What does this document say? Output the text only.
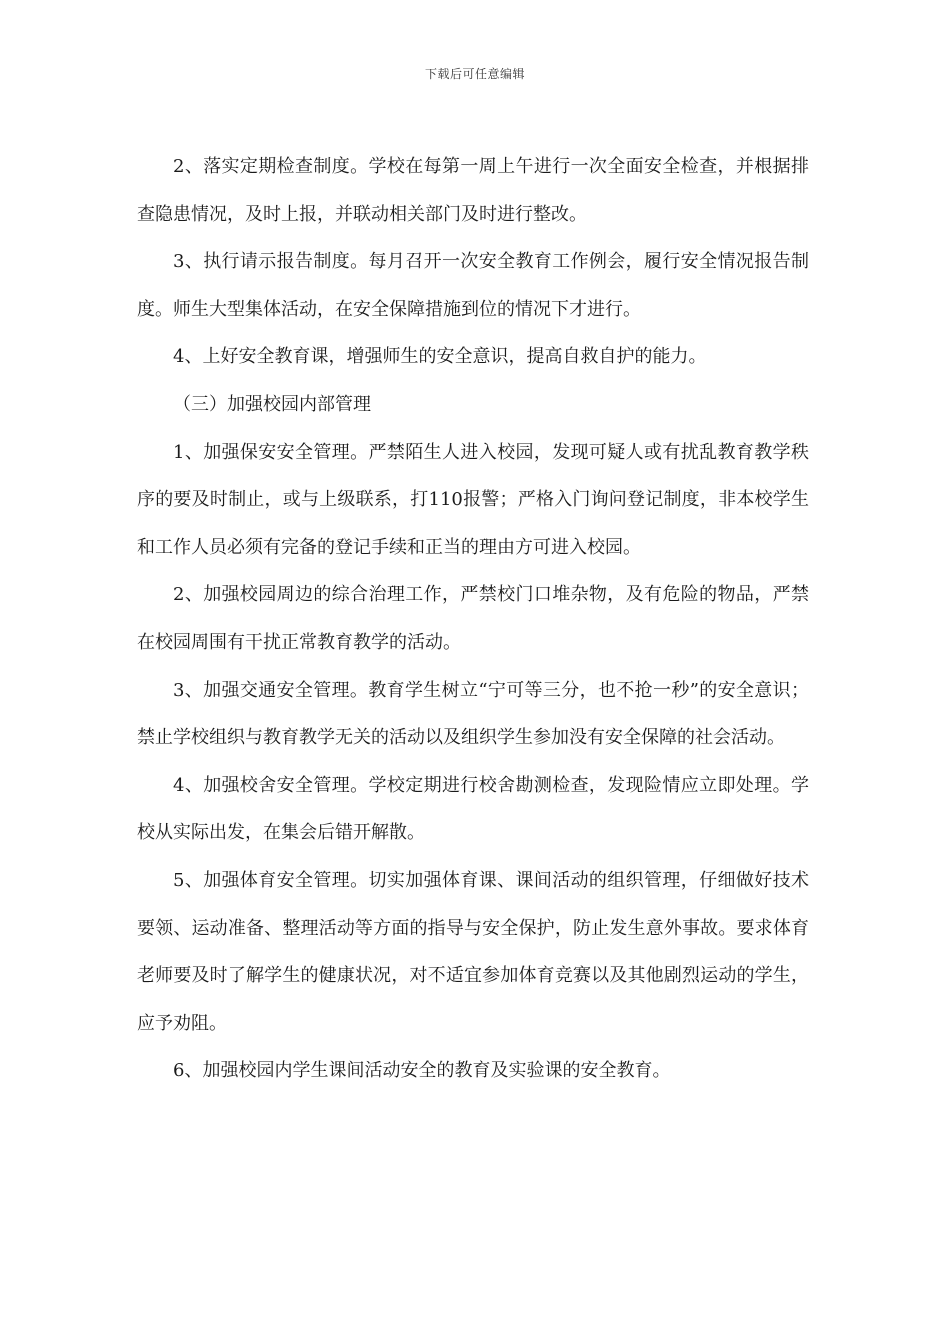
下载后可任意编辑

2、落实定期检查制度。学校在每第一周上午进行一次全面安全检查，并根据排查隐患情况，及时上报，并联动相关部门及时进行整改。

3、执行请示报告制度。每月召开一次安全教育工作例会，履行安全情况报告制度。师生大型集体活动，在安全保障措施到位的情况下才进行。

4、上好安全教育课，增强师生的安全意识，提高自救自护的能力。

（三）加强校园内部管理

1、加强保安安全管理。严禁陌生人进入校园，发现可疑人或有扰乱教育教学秩序的要及时制止，或与上级联系，打110报警；严格入门询问登记制度，非本校学生和工作人员必须有完备的登记手续和正当的理由方可进入校园。

2、加强校园周边的综合治理工作，严禁校门口堆杂物，及有危险的物品，严禁在校园周围有干扰正常教育教学的活动。

3、加强交通安全管理。教育学生树立“宁可等三分，也不抢一秒”的安全意识；禁止学校组织与教育教学无关的活动以及组织学生参加没有安全保障的社会活动。

4、加强校舍安全管理。学校定期进行校舍勘测检查，发现险情应立即处理。学校从实际出发，在集会后错开解散。

5、加强体育安全管理。切实加强体育课、课间活动的组织管理，仔细做好技术要领、运动准备、整理活动等方面的指导与安全保护，防止发生意外事故。要求体育老师要及时了解学生的健康状况，对不适宜参加体育竞赛以及其他剧烈运动的学生，应予劝阻。

6、加强校园内学生课间活动安全的教育及实验课的安全教育。
